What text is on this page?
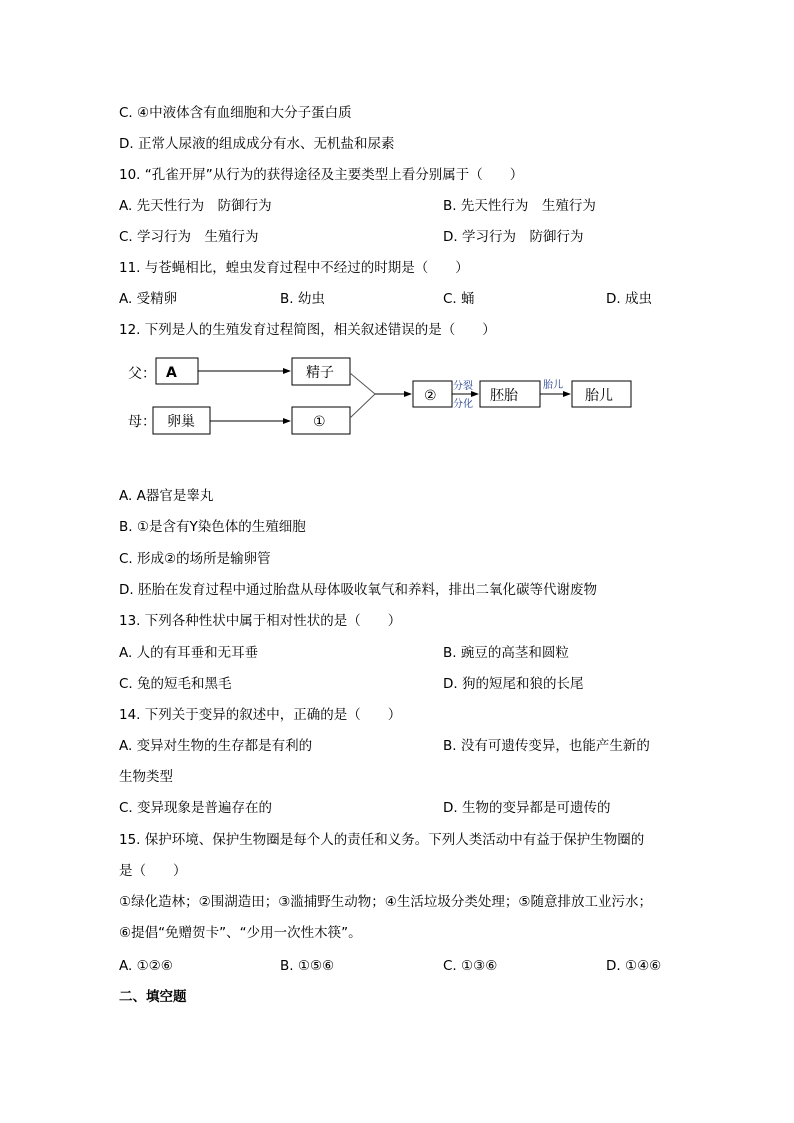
C. ④中液体含有血细胞和大分子蛋白质
D. 正常人尿液的组成成分有水、无机盐和尿素
10. “孔雀开屏”从行为的获得途径及主要类型上看分别属于（　　）
A. 先天性行为　防御行为	B. 先天性行为　生殖行为
C. 学习行为　生殖行为	D. 学习行为　防御行为
11. 与苍蝇相比，蝗虫发育过程中不经过的时期是（　　）
A. 受精卵	B. 幼虫	C. 蛹	D. 成虫
12. 下列是人的生殖发育过程简图，相关叙述错误的是（　　）
父：
母：
A	精子
卵巢	①
②
分裂
分化
胚胎
胎儿
胎儿
A. A器官是睾丸
B. ①是含有Y染色体的生殖细胞
C. 形成②的场所是输卵管
D. 胚胎在发育过程中通过胎盘从母体吸收氧气和养料，排出二氧化碳等代谢废物
13. 下列各种性状中属于相对性状的是（　　）
A. 人的有耳垂和无耳垂	B. 豌豆的高茎和圆粒
C. 兔的短毛和黑毛	D. 狗的短尾和狼的长尾
14. 下列关于变异的叙述中，正确的是（　　）
A. 变异对生物的生存都是有利的	B. 没有可遗传变异，也能产生新的
生物类型
C. 变异现象是普遍存在的	D. 生物的变异都是可遗传的
15. 保护环境、保护生物圈是每个人的责任和义务。下列人类活动中有益于保护生物圈的
是（　　）
①绿化造林；②围湖造田；③滥捕野生动物；④生活垃圾分类处理；⑤随意排放工业污水；
⑥提倡“免赠贺卡”、“少用一次性木筷”。
A. ①②⑥	B. ①⑤⑥	C. ①③⑥	D. ①④⑥
二、填空题
